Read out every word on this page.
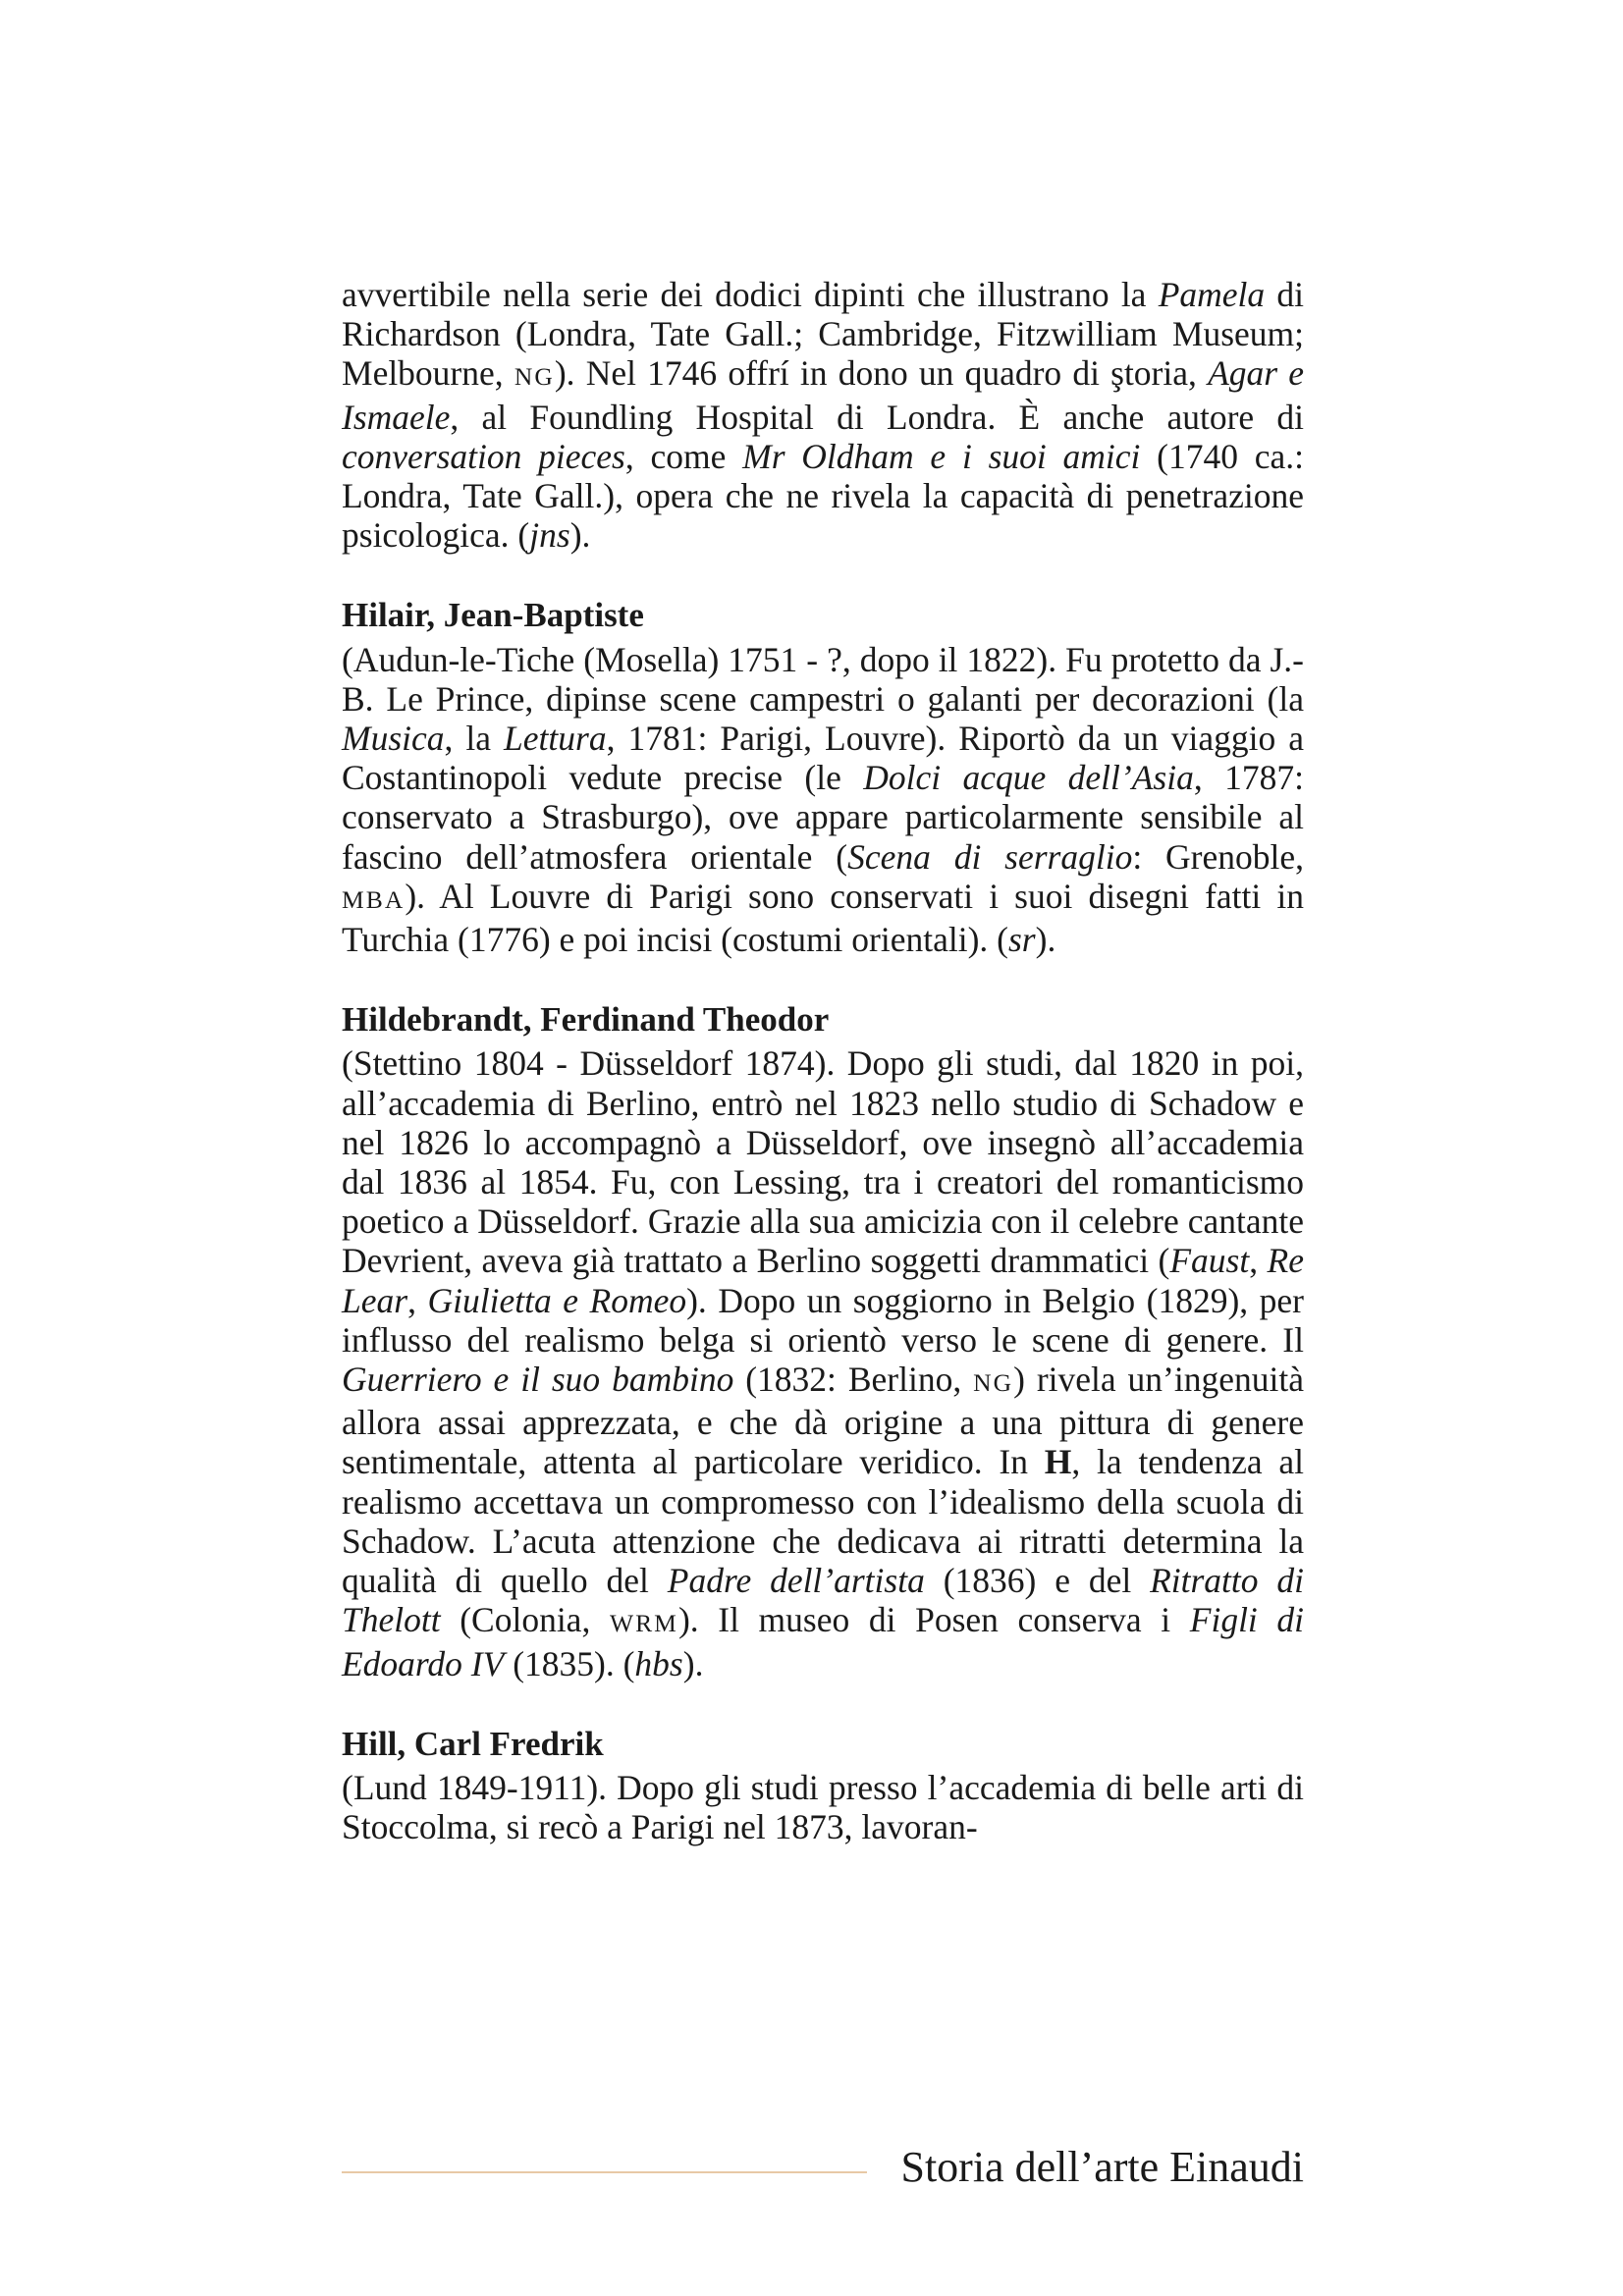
avvertibile nella serie dei dodici dipinti che illustrano la Pamela di Richardson (Londra, Tate Gall.; Cambridge, Fitzwilliam Museum; Melbourne, NG). Nel 1746 offrí in dono un quadro di ştoria, Agar e Ismaele, al Foundling Hospital di Londra. È anche autore di conversation pieces, come Mr Oldham e i suoi amici (1740 ca.: Londra, Tate Gall.), opera che ne rivela la capacità di penetrazione psicologica. (jns).

Hilair, Jean-Baptiste

(Audun-le-Tiche (Mosella) 1751 - ?, dopo il 1822). Fu protetto da J.-B. Le Prince, dipinse scene campestri o galanti per decorazioni (la Musica, la Lettura, 1781: Parigi, Louvre). Riportò da un viaggio a Costantinopoli vedute precise (le Dolci acque dell’Asia, 1787: conservato a Strasburgo), ove appare particolarmente sensibile al fascino dell’atmosfera orientale (Scena di serraglio: Grenoble, MBA). Al Louvre di Parigi sono conservati i suoi disegni fatti in Turchia (1776) e poi incisi (costumi orientali). (sr).

Hildebrandt, Ferdinand Theodor

(Stettino 1804 - Düsseldorf 1874). Dopo gli studi, dal 1820 in poi, all’accademia di Berlino, entrò nel 1823 nello studio di Schadow e nel 1826 lo accompagnò a Düsseldorf, ove insegnò all’accademia dal 1836 al 1854. Fu, con Lessing, tra i creatori del romanticismo poetico a Düsseldorf. Grazie alla sua amicizia con il celebre cantante Devrient, aveva già trattato a Berlino soggetti drammatici (Faust, Re Lear, Giulietta e Romeo). Dopo un soggiorno in Belgio (1829), per influsso del realismo belga si orientò verso le scene di genere. Il Guerriero e il suo bambino (1832: Berlino, NG) rivela un’ingenuità allora assai apprezzata, e che dà origine a una pittura di genere sentimentale, attenta al particolare veridico. In H, la tendenza al realismo accettava un compromesso con l’idealismo della scuola di Schadow. L’acuta attenzione che dedicava ai ritratti determina la qualità di quello del Padre dell’artista (1836) e del Ritratto di Thelott (Colonia, WRM). Il museo di Posen conserva i Figli di Edoardo IV (1835). (hbs).

Hill, Carl Fredrik

(Lund 1849-1911). Dopo gli studi presso l’accademia di belle arti di Stoccolma, si recò a Parigi nel 1873, lavoran-

Storia dell’arte Einaudi
